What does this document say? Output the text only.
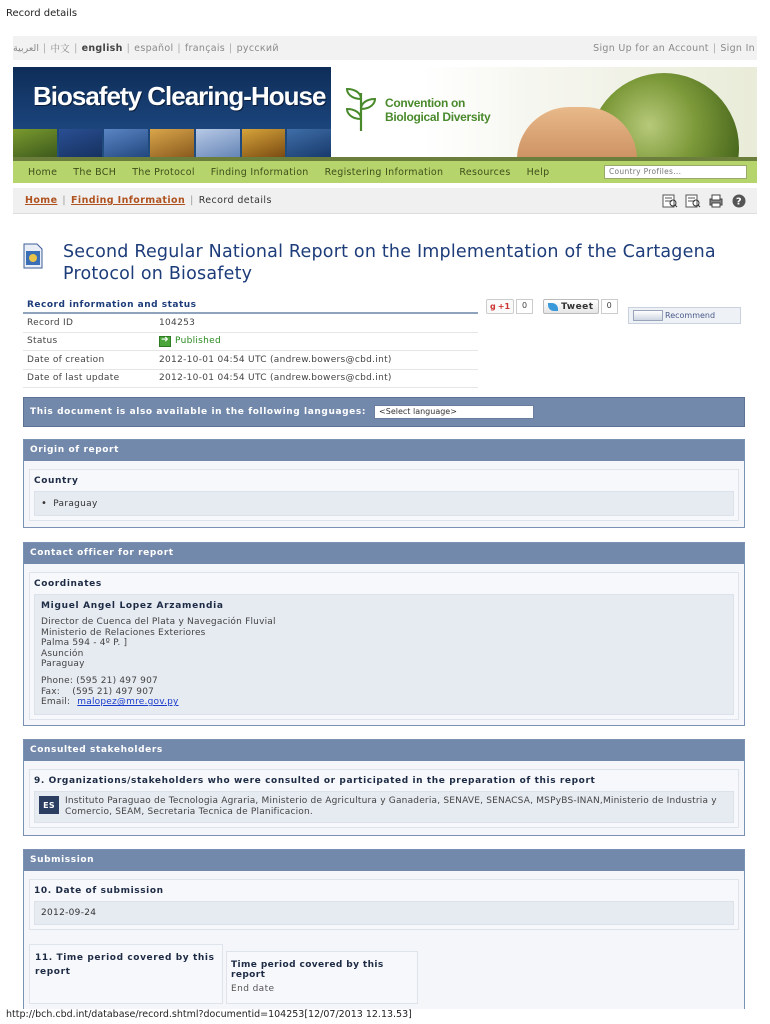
Record details
العربية | 中文 | english | español | français | русский	Sign Up for an Account | Sign In
Biosafety Clearing-House	Convention on
Biological Diversity
Home The BCH The Protocol Finding Information Registering Information Resources Help	Country Profiles...
Home | Finding Information | Record details	?
Second Regular National Report on the Implementation of the Cartagena Protocol on Biosafety
Record information and status
Record ID	104253
Status
➜	Published
Date of creation	2012-10-01 04:54 UTC (andrew.bowers@cbd.int)
Date of last update	2012-10-01 04:54 UTC (andrew.bowers@cbd.int)
g +1	0	Tweet	0
Recommend
This document is also available in the following languages:	<Select language>
Origin of report
Country
• Paraguay
Contact officer for report
Coordinates
Miguel Angel Lopez Arzamendia
Director de Cuenca del Plata y Navegación Fluvial
Ministerio de Relaciones Exteriores
Palma 594 - 4º P. ]
Asunción
Paraguay
Phone: (595 21) 497 907
Fax:    (595 21) 497 907
Email: malopez@mre.gov.py
Consulted stakeholders
9. Organizations/stakeholders who were consulted or participated in the preparation of this report
ES	Instituto Paraguao de Tecnologia Agraria, Ministerio de Agricultura y Ganaderia, SENAVE, SENACSA, MSPyBS-INAN,Ministerio de Industria y Comercio, SEAM, Secretaria Tecnica de Planificacion.
Submission
10. Date of submission
2012-09-24
11. Time period covered by this report
Time period covered by this report
End date
http://bch.cbd.int/database/record.shtml?documentid=104253[12/07/2013 12.13.53]
